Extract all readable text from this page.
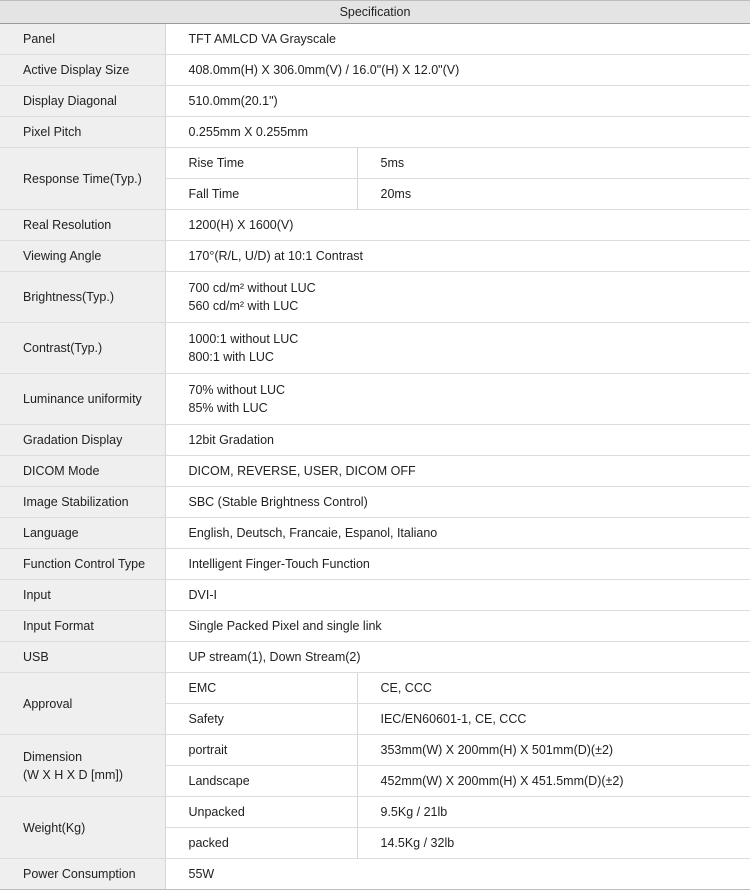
Specification		
Panel	TFT AMLCD VA Grayscale	
Active Display Size	408.0mm(H) X 306.0mm(V) / 16.0"(H) X 12.0"(V)	
Display Diagonal	510.0mm(20.1")	
Pixel Pitch	0.255mm X 0.255mm	
Response Time(Typ.)	Rise Time	5ms
	Fall Time	20ms
Real Resolution	1200(H) X 1600(V)	
Viewing Angle	170°(R/L, U/D) at 10:1 Contrast	
Brightness(Typ.)	700 cd/m² without LUC
560 cd/m² with LUC	

Contrast(Typ.)	1000:1 without LUC
800:1 with LUC	

Luminance uniformity	70% without LUC
85% with LUC	

Gradation Display	12bit Gradation	
DICOM Mode	DICOM, REVERSE, USER, DICOM OFF	
Image Stabilization	SBC (Stable Brightness Control)	
Language	English, Deutsch, Francaie, Espanol, Italiano	
Function Control Type	Intelligent Finger-Touch Function	
Input	DVI-I	
Input Format	Single Packed Pixel and single link	
USB	UP stream(1), Down Stream(2)	
Approval	EMC	CE, CCC
	Safety	IEC/EN60601-1, CE, CCC

Dimension
(W X H X D [mm])	portrait	353mm(W) X 200mm(H) X 501mm(D)(±2)
	Landscape	452mm(W) X 200mm(H) X 451.5mm(D)(±2)
Weight(Kg)	Unpacked	9.5Kg / 21lb
	packed	14.5Kg / 32lb
Power Consumption	55W	
